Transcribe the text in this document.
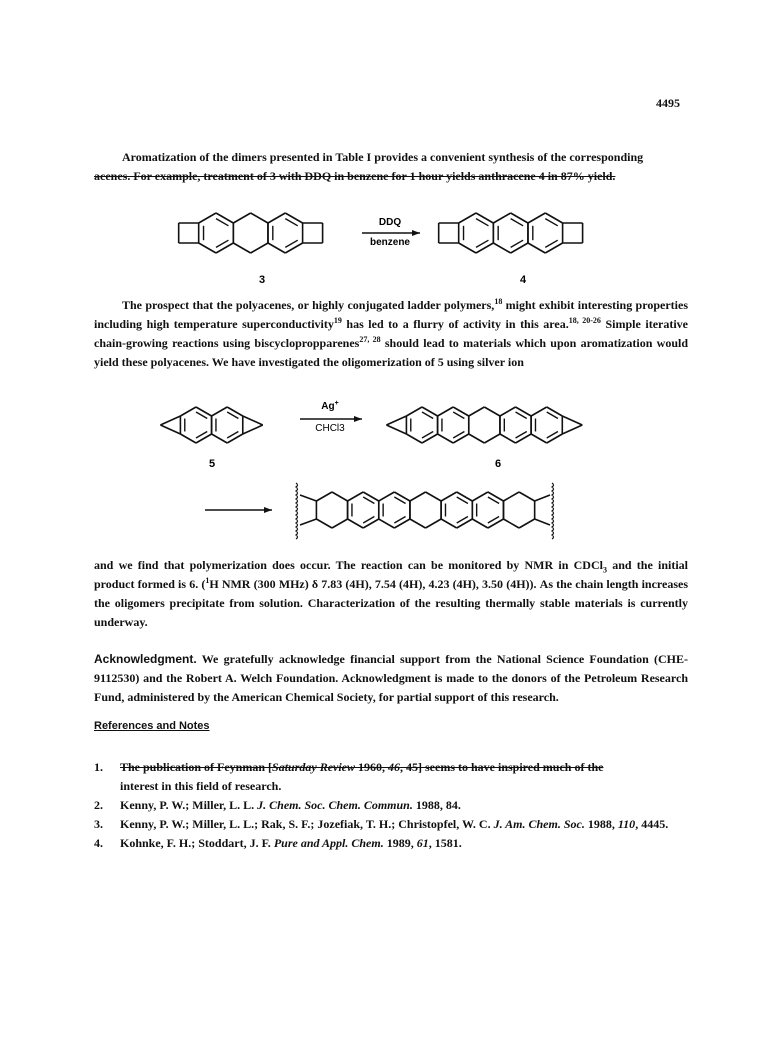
4495
Aromatization of the dimers presented in Table I provides a convenient synthesis of the corresponding
acenes. For example, treatment of 3 with DDQ in benzene for 1 hour yields anthracene 4 in 87% yield.
DDQ
benzene
3	4
The prospect that the polyacenes, or highly conjugated ladder polymers,$^{18}$ might exhibit interesting properties including high temperature superconductivity$^{19}$ has led to a flurry of activity in this area.$^{18, 20-26}$ Simple iterative chain-growing reactions using biscyclopropparenes$^{27, 28}$ should lead to materials which upon aromatization would yield these polyacenes. We have investigated the oligomerization of 5 using silver ion
Ag+
CHCl3
5	6
and we find that polymerization does occur. The reaction can be monitored by NMR in CDCl$_3$ and the initial product formed is 6. ($^1$H NMR (300 MHz) δ 7.83 (4H), 7.54 (4H), 4.23 (4H), 3.50 (4H)). As the chain length increases the oligomers precipitate from solution. Characterization of the resulting thermally stable materials is currently underway.
Acknowledgment. We gratefully acknowledge financial support from the National Science Foundation (CHE-9112530) and the Robert A. Welch Foundation. Acknowledgment is made to the donors of the Petroleum Research Fund, administered by the American Chemical Society, for partial support of this research.
References and Notes
1. The publication of Feynman [Saturday Review 1960, 46, 45] seems to have inspired much of the
interest in this field of research.
2. Kenny, P. W.; Miller, L. L. J. Chem. Soc. Chem. Commun. 1988, 84.
3. Kenny, P. W.; Miller, L. L.; Rak, S. F.; Jozefiak, T. H.; Christopfel, W. C. J. Am. Chem. Soc. 1988, 110, 4445.
4. Kohnke, F. H.; Stoddart, J. F. Pure and Appl. Chem. 1989, 61, 1581.
